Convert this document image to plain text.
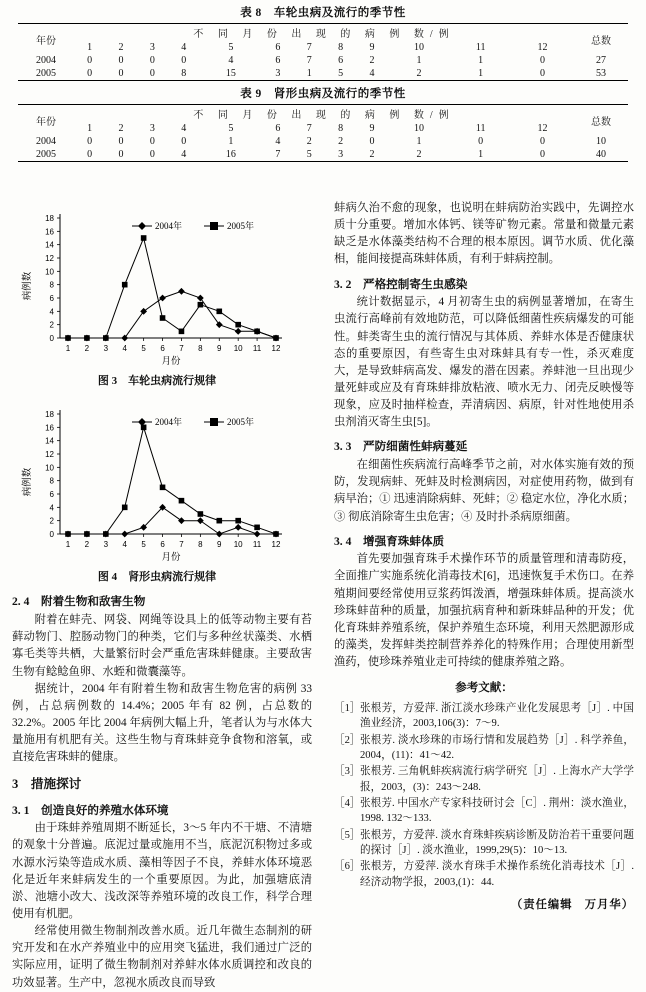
表 8　车轮虫病及流行的季节性
年份	不 同 月 份 出 现 的 病 例 数/例												总数
	1	2	3	4	5	6	7	8	9	10	11	12	
2004	0	0	0	0	4	6	7	6	2	1	1	0	27
2005	0	0	0	8	15	3	1	5	4	2	1	0	53
表 9　肾形虫病及流行的季节性
年份	不 同 月 份 出 现 的 病 例 数/例												总数
	1	2	3	4	5	6	7	8	9	10	11	12	
2004	0	0	0	0	1	4	2	2	0	1	0	0	10
2005	0	0	0	4	16	7	5	3	2	2	1	0	40
0
2
4
6
8
10
12
14
16
18
1 2 3 4 5 6 7 8 9 10 11 12
2004年	2005年
病例数
月份
图 3　车轮虫病流行规律
0
2
4
6
8
10
12
14
16
18
1 2 3 4 5 6 7 8 9 10 11 12
2004年	2005年
病例数
月份
图 4　肾形虫病流行规律
2. 4　附着生物和敌害生物

附着在蚌壳、网袋、网绳等设具上的低等动物主要有苔藓动物门、腔肠动物门的种类，它们与多种丝状藻类、水栖寡毛类等共栖，大量繁衍时会严重危害珠蚌健康。主要敌害生物有鲶鲶鱼卵、水蛭和微囊藻等。

据统计，2004 年有附着生物和敌害生物危害的病例 33 例，占总病例数的 14.4%；2005 年有 82 例，占总数的 32.2%。2005 年比 2004 年病例大幅上升，笔者认为与水体大量施用有机肥有关。这些生物与育珠蚌竞争食物和溶氧，或直接危害珠蚌的健康。

3　措施探讨
3. 1　创造良好的养殖水体环境

由于珠蚌养殖周期不断延长，3～5 年内不干塘、不清塘的观象十分普遍。底泥过量或施用不当，底泥沉积物过多或水源水污染等造成水质、藻相等因子不良，养蚌水体环境恶化是近年来蚌病发生的一个重要原因。为此，加强塘底清淤、池塘小改大、浅改深等养殖环境的改良工作，科学合理使用有机肥。

经常使用微生物制剂改善水质。近几年微生态制剂的研究开发和在水产养殖业中的应用突飞猛进，我们通过广泛的实际应用，证明了微生物制剂对养蚌水体水质调控和改良的功效显著。生产中，忽视水质改良而导致

蚌病久治不愈的现象，也说明在蚌病防治实践中，先调控水质十分重要。增加水体钙、镁等矿物元素。常量和微量元素缺乏是水体藻类结构不合理的根本原因。调节水质、优化藻相，能间接提高珠蚌体质，有利于蚌病控制。

3. 2　严格控制寄生虫感染

统计数据显示，4 月初寄生虫的病例显著增加，在寄生虫流行高峰前有效地防范，可以降低细菌性疾病爆发的可能性。蚌类寄生虫的流行情况与其体质、养蚌水体是否健康状态的重要原因，有些寄生虫对珠蚌具有专一性，杀灭难度大，是导致蚌病高发、爆发的潜在因素。养蚌池一旦出现少量死蚌或应及有育珠蚌排放粘液、喷水无力、闭壳反映慢等现象，应及时抽样检查，弄清病因、病原，针对性地使用杀虫剂消灭寄生虫[5]。

3. 3　严防细菌性蚌病蔓延

在细菌性疾病流行高峰季节之前，对水体实施有效的预防，发现病蚌、死蚌及时检测病因，对症使用药物，做到有病早治；① 迅速消除病蚌、死蚌；② 稳定水位，净化水质；③ 彻底消除寄生虫危害；④ 及时扑杀病原细菌。

3. 4　增强育珠蚌体质

首先要加强育珠手术操作环节的质量管理和清毒防疫，全面推广实施系统化消毒技术[6]，迅速恢复手术伤口。在养殖期间要经常使用豆浆药饵泼酒，增强珠蚌体质。提高淡水珍珠蚌苗种的质量，加强抗病育种和新珠蚌品种的开发；优化育珠蚌养殖系统，保护养殖生态环境，利用天然肥源形成的藻类，发挥蚌类控制营养养化的特殊作用；合理使用新型渔药，使珍珠养殖业走可持续的健康养殖之路。

参考文献：
［1］ 张根芳，方爱萍. 浙江淡水珍珠产业化发展思考［J］. 中国渔业经济，2003,106(3)：7～9.
［2］ 张根芳. 淡水珍珠的市场行情和发展趋势［J］. 科学养鱼，2004，(11)：41～42.
［3］ 张根芳. 三角帆蚌疾病流行病学研究［J］. 上海水产大学学报，2003，(3)：243～248.
［4］ 张根芳. 中国水产专家科技研讨会［C］. 荆州：淡水渔业，1998. 132～133.
［5］ 张根芳，方爱萍. 淡水育珠蚌疾病诊断及防治若干重要问题的探讨［J］. 淡水渔业，1999,29(5)：10～13.
［6］ 张根芳，方爱萍. 淡水育珠手术操作系统化消毒技术［J］. 经济动物学报，2003,(1)：44.
（责任编辑　万月华）
